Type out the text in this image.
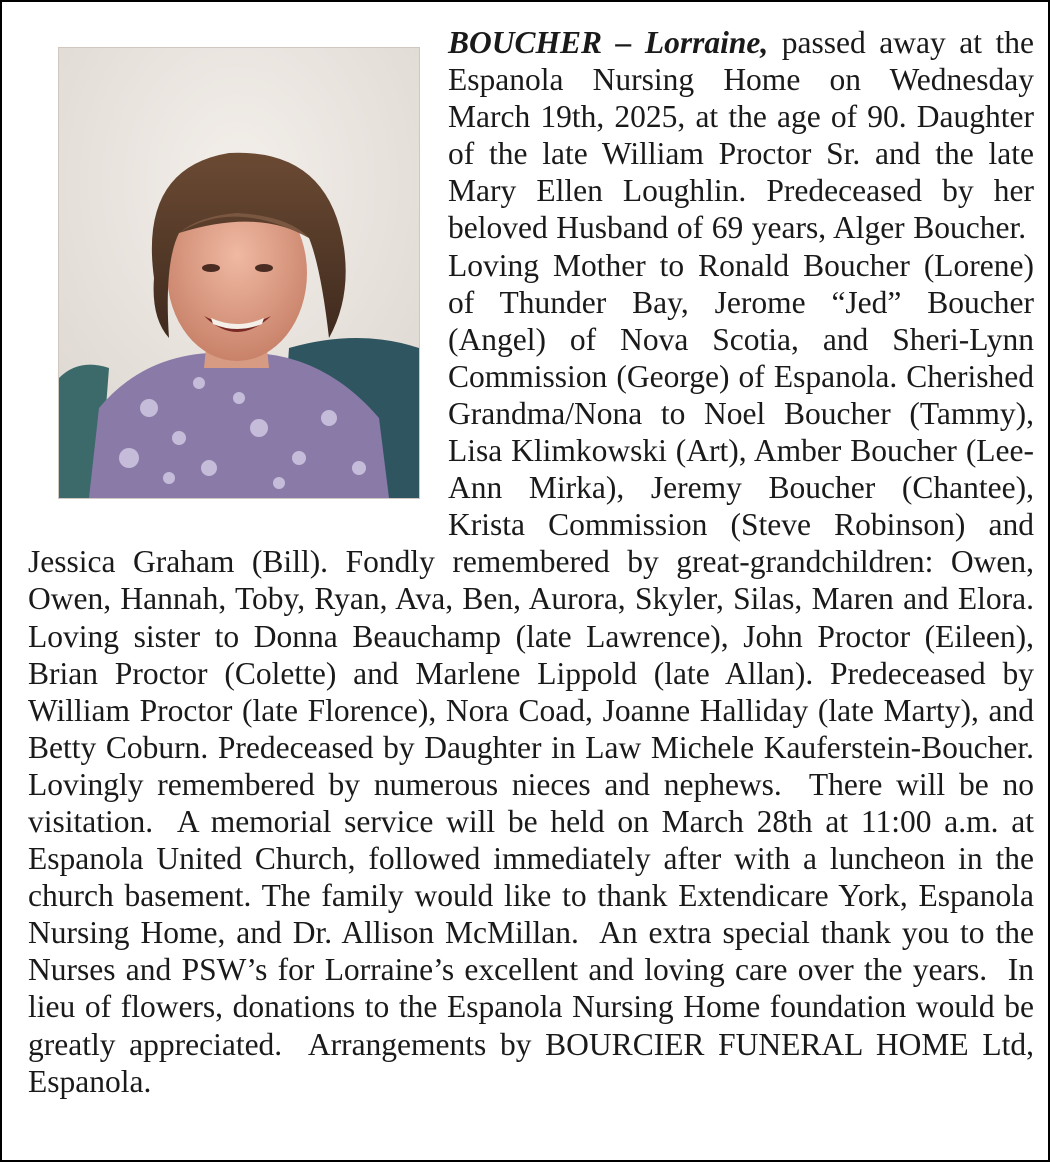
BOUCHER – Lorraine, passed away at the Espanola Nursing Home on Wednesday March 19th, 2025, at the age of 90. Daughter of the late William Proctor Sr. and the late Mary Ellen Loughlin. Predeceased by her beloved Husband of 69 years, Alger Boucher.  Loving Mother to Ronald Boucher (Lorene) of Thunder Bay, Jerome “Jed” Boucher (Angel) of Nova Scotia, and Sheri-Lynn Commission (George) of Espanola. Cherished Grandma/Nona to Noel Boucher (Tammy), Lisa Klimkowski (Art), Amber Boucher (Lee-Ann Mirka), Jeremy Boucher (Chantee), Krista Commission (Steve Robinson) and Jessica Graham (Bill). Fondly remembered by great-grandchildren: Owen, Owen, Hannah, Toby, Ryan, Ava, Ben, Aurora, Skyler, Silas, Maren and Elora. Loving sister to Donna Beauchamp (late Lawrence), John Proctor (Eileen), Brian Proctor (Colette) and Marlene Lippold (late Allan). Predeceased by William Proctor (late Florence), Nora Coad, Joanne Halliday (late Marty), and Betty Coburn. Predeceased by Daughter in Law Michele Kauferstein-Boucher. Lovingly remembered by numerous nieces and nephews.  There will be no visitation.  A memorial service will be held on March 28th at 11:00 a.m. at Espanola United Church, followed immediately after with a luncheon in the church basement. The family would like to thank Extendicare York, Espanola Nursing Home, and Dr. Allison McMillan.  An extra special thank you to the Nurses and PSW’s for Lorraine’s excellent and loving care over the years.  In lieu of flowers, donations to the Espanola Nursing Home foundation would be greatly appreciated.  Arrangements by BOURCIER FUNERAL HOME Ltd, Espanola.
